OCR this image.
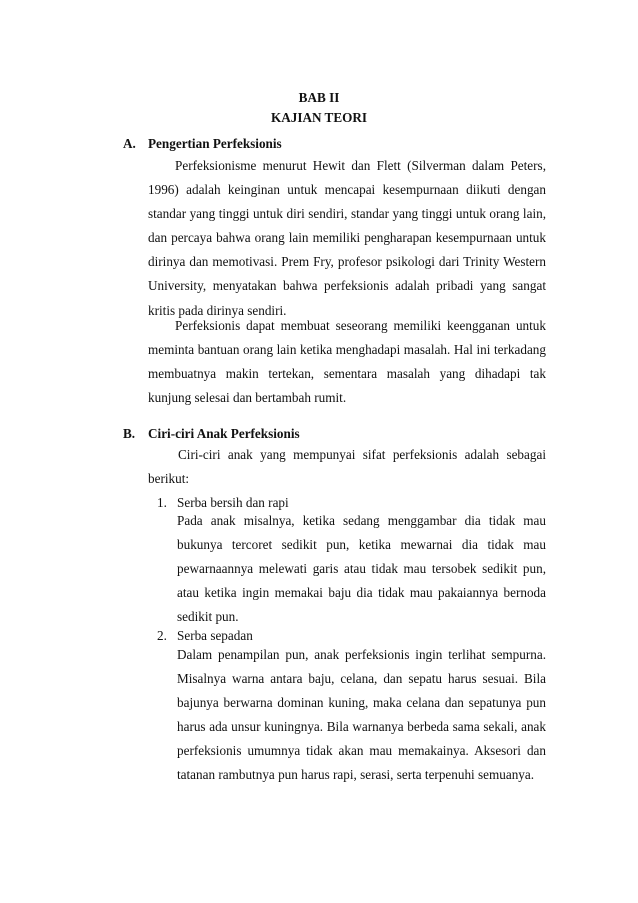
BAB II
KAJIAN TEORI
A. Pengertian Perfeksionis
Perfeksionisme menurut Hewit dan Flett (Silverman dalam Peters, 1996) adalah keinginan untuk mencapai kesempurnaan diikuti dengan standar yang tinggi untuk diri sendiri, standar yang tinggi untuk orang lain, dan percaya bahwa orang lain memiliki pengharapan kesempurnaan untuk dirinya dan memotivasi. Prem Fry, profesor psikologi dari Trinity Western University, menyatakan bahwa perfeksionis adalah pribadi yang sangat kritis pada dirinya sendiri.
Perfeksionis dapat membuat seseorang memiliki keengganan untuk meminta bantuan orang lain ketika menghadapi masalah. Hal ini terkadang membuatnya makin tertekan, sementara masalah yang dihadapi tak kunjung selesai dan bertambah rumit.
B. Ciri-ciri Anak Perfeksionis
Ciri-ciri anak yang mempunyai sifat perfeksionis adalah sebagai berikut:
1. Serba bersih dan rapi
Pada anak misalnya, ketika sedang menggambar dia tidak mau bukunya tercoret sedikit pun, ketika mewarnai dia tidak mau pewarnaannya melewati garis atau tidak mau tersobek sedikit pun, atau ketika ingin memakai baju dia tidak mau pakaiannya bernoda sedikit pun.
2. Serba sepadan
Dalam penampilan pun, anak perfeksionis ingin terlihat sempurna. Misalnya warna antara baju, celana, dan sepatu harus sesuai. Bila bajunya berwarna dominan kuning, maka celana dan sepatunya pun harus ada unsur kuningnya. Bila warnanya berbeda sama sekali, anak perfeksionis umumnya tidak akan mau memakainya. Aksesori dan tatanan rambutnya pun harus rapi, serasi, serta terpenuhi semuanya.
